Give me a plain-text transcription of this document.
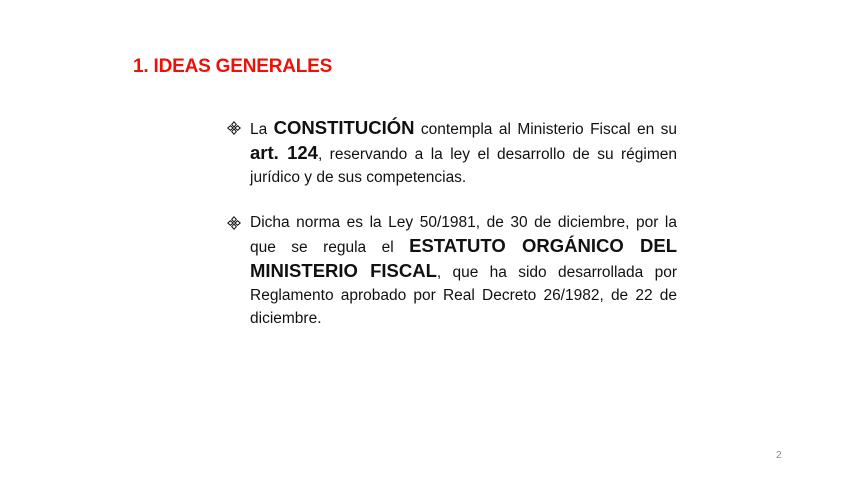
1. IDEAS GENERALES
La CONSTITUCIÓN contempla al Ministerio Fiscal en su art. 124, reservando a la ley el desarrollo de su régimen jurídico y de sus competencias.
Dicha norma es la Ley 50/1981, de 30 de diciembre, por la que se regula el ESTATUTO ORGÁNICO DEL MINISTERIO FISCAL, que ha sido desarrollada por Reglamento aprobado por Real Decreto 26/1982, de 22 de diciembre.
2
